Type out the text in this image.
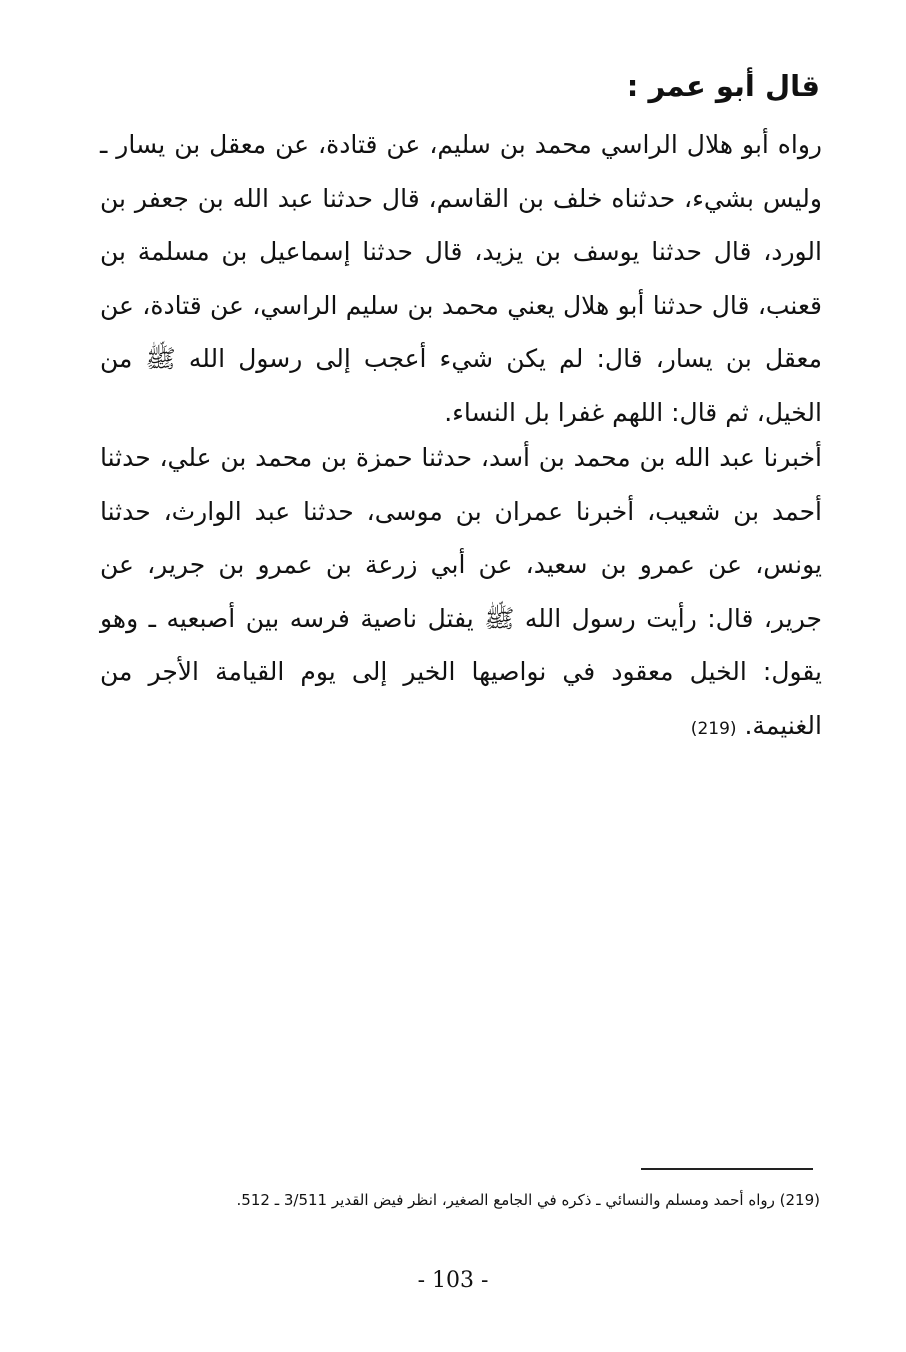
قال أبو عمر :
رواه أبو هلال الراسي محمد بن سليم، عن قتادة، عن معقل بن يسار ـ وليس بشيء، حدثناه خلف بن القاسم، قال حدثنا عبد الله بن جعفر بن الورد، قال حدثنا يوسف بن يزيد، قال حدثنا إسماعيل بن مسلمة بن قعنب، قال حدثنا أبو هلال يعني محمد بن سليم الراسي، عن قتادة، عن معقل بن يسار، قال: لم يكن شيء أعجب إلى رسول الله ﷺ من الخيل، ثم قال: اللهم غفرا بل النساء.
أخبرنا عبد الله بن محمد بن أسد، حدثنا حمزة بن محمد بن علي، حدثنا أحمد بن شعيب، أخبرنا عمران بن موسى، حدثنا عبد الوارث، حدثنا يونس، عن عمرو بن سعيد، عن أبي زرعة بن عمرو بن جرير، عن جرير، قال: رأيت رسول الله ﷺ يفتل ناصية فرسه بين أصبعيه ـ وهو يقول: الخيل معقود في نواصيها الخير إلى يوم القيامة الأجر من الغنيمة. (219)
(219) رواه أحمد ومسلم والنسائي ـ ذكره في الجامع الصغير، انظر فيض القدير 3/511 ـ 512.
- 103 -
